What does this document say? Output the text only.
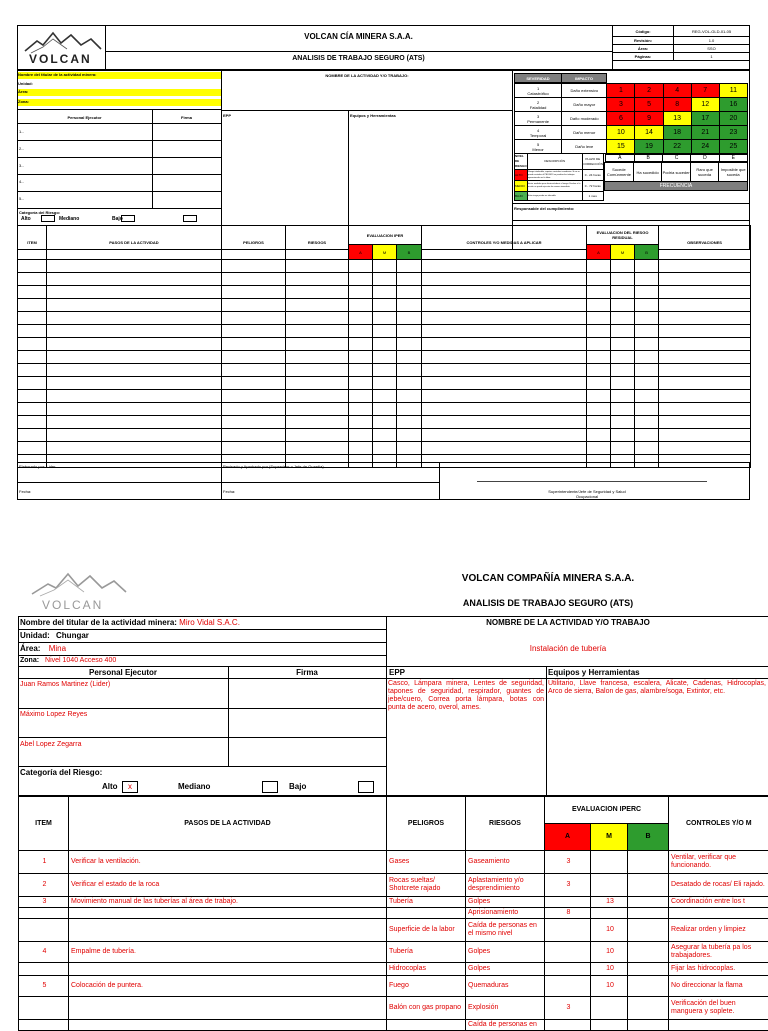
VOLCAN
VOLCAN CÍA MINERA S.A.A.
ANALISIS DE TRABAJO SEGURO (ATS)
Código:	REG-VOL-GLD-01-05
Revisión:	1.0
Área:	SSO
Páginas:	1
Nombre del titular de la actividad minera:
Unidad:
Área:
Zona:
Personal Ejecutor	Firma
1.-
2.-
3.-
4.-
5.-
Categoría del Riesgo:
Alto	Mediano	Bajo
NOMBRE DE LA ACTIVIDAD Y/O TRABAJO:
EPP	Equipos y Herramientas
SEVERIDAD	IMPACTO					
1
Catastrófico	Daño extensivo	1	2	4	7	11

2
Fatalidad	Daño mayor	3	5	8	12	16

3
Permanente	Daño moderado	6	9	13	17	20

4
Temporal	Daño menor	10	14	18	21	23

5
Menor	Daño leve	15	19	22	24	25
		A	B	C	D	E
NIVEL DE RIESGO	DESCRIPCIÓN	PLAZO DE CORRECCIÓN
ALTO	Riesgo intolerable, requiere controles inmediatos. Si no se puede controlar el PELIGRO se paraliza los trabajos operacionales en la labor.	0 - 24 horas
MEDIO	Iniciar medidas para eliminar/reducir el riesgo. Evaluar si la acción se puede ejecutar de manera inmediata.	0 - 72 horas
BAJO	Este riesgo puede ser tolerable.	1 mes
Sucede Comúnmente	Ha sucedido	Podría suceder	Raro que suceda	Imposible que suceda
FRECUENCIA
Responsable del cumplimiento:
ITEM	PASOS DE LA ACTIVIDAD	PELIGROS	RIESGOS	EVALUACION IPER			CONTROLES Y/O MEDIDAS A APLICAR	EVALUACION DEL RIESGO RESIDUAL			OBSERVACIONES
				A	M	B		A	M	B	

Elaborado por: Líder	Revisado y Aprobado por (Supervisor o Jefe de Guardia)
Fecha:	Fecha:	Superintendente/Jefe de Seguridad y Salud Ocupacional
VOLCAN
VOLCAN COMPAÑÍA MINERA S.A.A.
ANALISIS DE TRABAJO SEGURO (ATS)
Nombre del titular de la actividad minera: Miro Vidal S.A.C.
Unidad: Chungar
Área: Mina
Zona: Nivel 1040 Acceso 400
Personal Ejecutor	Firma
Juan Ramos Martinez (Lider)
Máximo Lopez Reyes
Abel Lopez Zegarra
Categoría del Riesgo:
Alto	x	Mediano	Bajo
NOMBRE DE LA ACTIVIDAD Y/O TRABAJO
Instalación de tubería
EPP	Equipos y Herramientas
Casco, Lámpara minera, Lentes de seguridad, tapones de seguridad, respirador, guantes de jebe/cuero, Correa porta lámpara, botas con punta de acero, overol, arnes.
Utilitario, Llave francesa, escalera, Alicate, Cadenas, Hidrocoplas, Arco de sierra, Balon de gas, alambre/soga, Extintor, etc.
ITEM	PASOS DE LA ACTIVIDAD	PELIGROS	RIESGOS	EVALUACION IPERC			CONTROLES Y/O M
				A	M	B	
1	Verificar la ventilación.	Gases	Gaseamiento	3			Ventilar, verificar que funcionando.
2	Verificar el estado de la roca	Rocas sueltas/ Shotcrete rajado	Aplastamiento y/o desprendimiento	3			Desatado de rocas/ Eli rajado.
3	Movimiento manual de las tuberías al área de trabajo.	Tubería	Golpes		13		Coordinación entre los t
			Aprisionamiento	8			
		Superficie de la labor	Caída de personas en el mismo nivel		10		Realizar orden y limpiez
4	Empalme de tubería.	Tubería	Golpes		10		Asegurar la tubería pa los trabajadores.
		Hidrocoplas	Golpes		10		Fijar las hidrocoplas.
5	Colocación de puntera.	Fuego	Quemaduras		10		No direccionar la flama
		Balón con gas propano	Explosión	3			Verificación del buen manguera y soplete.
			Caída de personas en				
